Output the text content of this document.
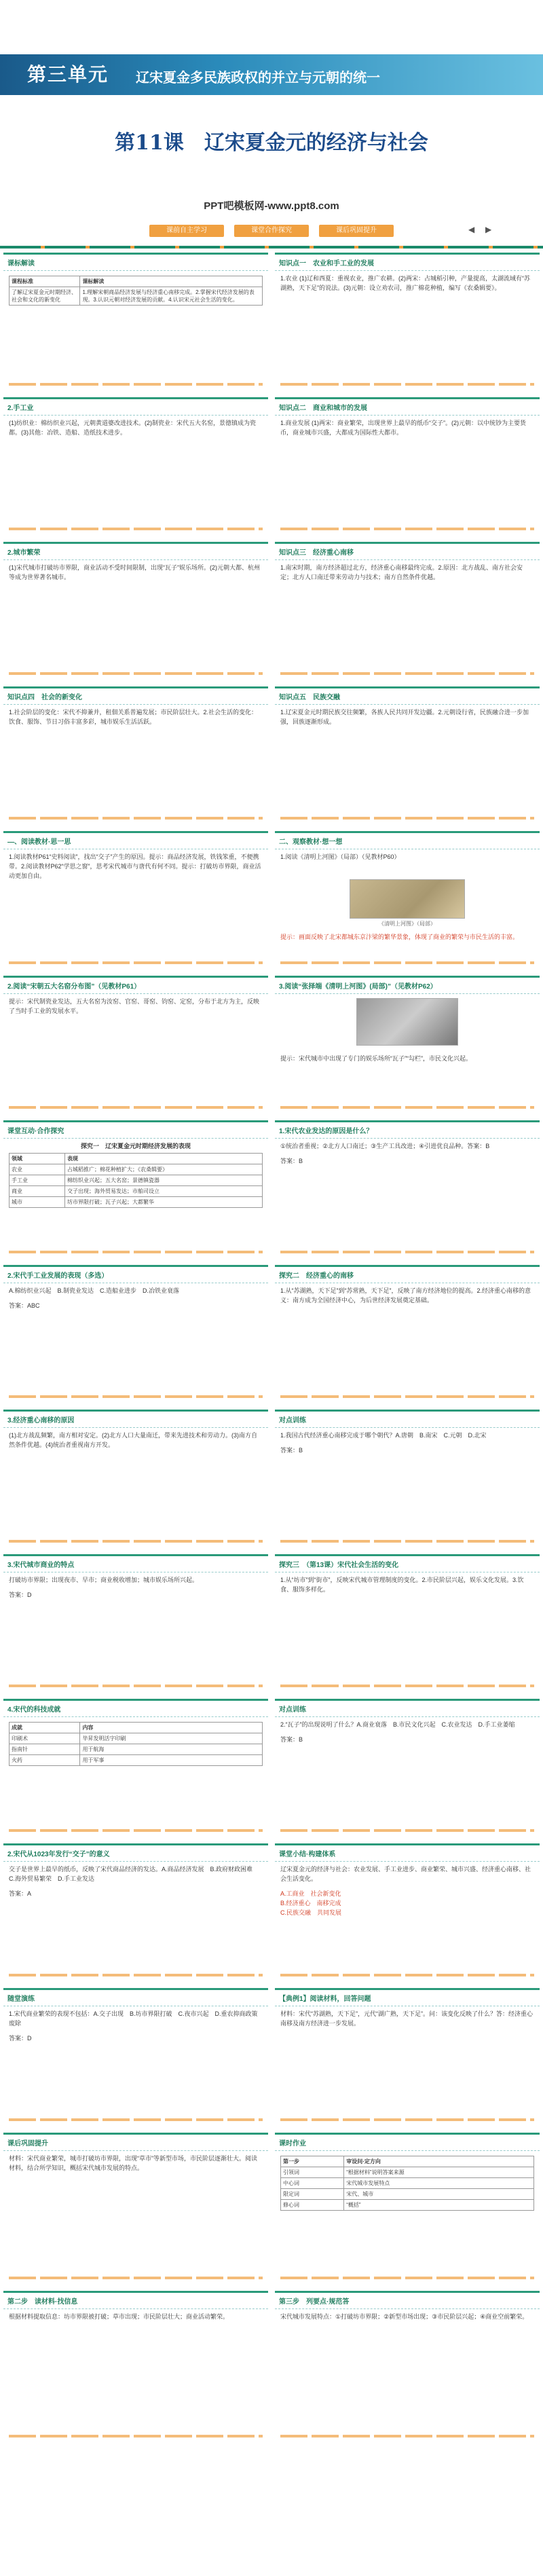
第三单元	辽宋夏金多民族政权的并立与元朝的统一
第11课　辽宋夏金元的经济与社会
PPT吧模板网-www.ppt8.com
课前自主学习	课堂合作探究	课后巩固提升	◀ ▶
课标解读
课程标准	课标解读
了解辽宋夏金元时期经济、社会和文化的新变化	1.理解宋朝商品经济发展与经济重心南移完成。2.掌握宋代经济发展的表现。3.认识元朝对经济发展的贡献。4.认识宋元社会生活的变化。
知识点一　农业和手工业的发展
1.农业 (1)辽和西夏：重视农业，推广农耕。(2)两宋：占城稻引种，产量提高，太湖流域有“苏湖熟，天下足”的说法。(3)元朝：设立劝农司，推广棉花种植，编写《农桑辑要》。
2.手工业
(1)纺织业：棉纺织业兴起，元朝黄道婆改进技术。(2)制瓷业：宋代五大名窑，景德镇成为瓷都。(3)其他：冶铁、造船、造纸技术进步。
知识点二　商业和城市的发展
1.商业发展 (1)两宋：商业繁荣，出现世界上最早的纸币“交子”。(2)元朝：以中统钞为主要货币，商业城市兴盛，大都成为国际性大都市。
2.城市繁荣
(1)宋代城市打破坊市界限，商业活动不受时间限制，出现“瓦子”娱乐场所。(2)元朝大都、杭州等成为世界著名城市。
知识点三　经济重心南移
1.南宋时期，南方经济超过北方，经济重心南移最终完成。2.原因：北方战乱、南方社会安定；北方人口南迁带来劳动力与技术；南方自然条件优越。
知识点四　社会的新变化
1.社会阶层的变化：宋代不抑兼并，租佃关系普遍发展；市民阶层壮大。2.社会生活的变化：饮食、服饰、节日习俗丰富多彩，城市娱乐生活活跃。
知识点五　民族交融
1.辽宋夏金元时期民族交往频繁，各族人民共同开发边疆。2.元朝设行省，民族融合进一步加强，回族逐渐形成。
—、阅读教材·思一思
1.阅读教材P61“史料阅读”，找出“交子”产生的原因。提示：商品经济发展，铁钱笨重，不便携带。2.阅读教材P62“学思之窗”，思考宋代城市与唐代有何不同。提示：打破坊市界限，商业活动更加自由。
二、观察教材·想一想
1.阅读《清明上河图》（局部）（见教材P60）
《清明上河图》（局部）
提示：画面反映了北宋都城东京汴梁的繁华景象，体现了商业的繁荣与市民生活的丰富。
2.阅读“宋朝五大名窑分布图”（见教材P61）
提示：宋代制瓷业发达，五大名窑为汝窑、官窑、哥窑、钧窑、定窑，分布于北方为主，反映了当时手工业的发展水平。
3.阅读“张择端《清明上河图》(局部)”（见教材P62）
提示：宋代城市中出现了专门的娱乐场所“瓦子”“勾栏”，市民文化兴起。
课堂互动·合作探究
探究一　辽宋夏金元时期经济发展的表现
领域	表现
农业	占城稻推广；棉花种植扩大；《农桑辑要》
手工业	棉纺织业兴起；五大名窑；景德镇瓷器
商业	交子出现；海外贸易发达；市舶司设立
城市	坊市界限打破；瓦子兴起；大都繁华
1.宋代农业发达的原因是什么？
①统治者重视；②北方人口南迁；③生产工具改进；④引进优良品种。答案：B
答案：B
2.宋代手工业发展的表现（多选）
A.棉纺织业兴起　B.制瓷业发达　C.造船业进步　D.冶铁业衰落
答案：ABC
探究二　经济重心的南移
1.从“苏湖熟，天下足”到“苏常熟，天下足”，反映了南方经济地位的提高。2.经济重心南移的意义：南方成为全国经济中心，为后世经济发展奠定基础。
3.经济重心南移的原因
(1)北方战乱频繁，南方相对安定。(2)北方人口大量南迁，带来先进技术和劳动力。(3)南方自然条件优越。(4)统治者重视南方开发。
对点训练
1.我国古代经济重心南移完成于哪个朝代？A.唐朝　B.南宋　C.元朝　D.北宋
答案：B
3.宋代城市商业的特点
打破坊市界限；出现夜市、早市；商业税收增加；城市娱乐场所兴起。
答案：D
探究三　（第13课）宋代社会生活的变化
1.从“坊市”到“街市”，反映宋代城市管理制度的变化。2.市民阶层兴起，娱乐文化发展。3.饮食、服饰多样化。
4.宋代的科技成就
成就	内容
印刷术	毕昇发明活字印刷
指南针	用于航海
火药	用于军事
对点训练
2.“瓦子”的出现说明了什么？A.商业衰落　B.市民文化兴起　C.农业发达　D.手工业萎缩
答案：B
2.宋代从1023年发行“交子”的意义
交子是世界上最早的纸币，反映了宋代商品经济的发达。A.商品经济发展　B.政府财政困难　C.海外贸易繁荣　D.手工业发达
答案：A
课堂小结·构建体系
辽宋夏金元的经济与社会：农业发展、手工业进步、商业繁荣、城市兴盛、经济重心南移、社会生活变化。
A.工商业　社会新变化
B.经济重心　南移完成
C.民族交融　共同发展
随堂演练
1.宋代商业繁荣的表现不包括：A.交子出现　B.坊市界限打破　C.夜市兴起　D.重农抑商政策废除
答案：D
【典例1】阅读材料，回答问题
材料：宋代“苏湖熟，天下足”，元代“湖广熟，天下足”。问：该变化反映了什么？答：经济重心南移及南方经济进一步发展。
课后巩固提升
材料：宋代商业繁荣，城市打破坊市界限，出现“草市”等新型市场，市民阶层逐渐壮大。阅读材料，结合所学知识，概括宋代城市发展的特点。
课时作业
第一步	审设问·定方向
引领词	“根据材料”说明答案来源
中心词	宋代城市发展特点
限定词	宋代、城市
修心词	“概括”
第二步　读材料·找信息
根据材料提取信息：坊市界限被打破；草市出现；市民阶层壮大；商业活动繁荣。
第三步　列要点·规范答
宋代城市发展特点：①打破坊市界限；②新型市场出现；③市民阶层兴起；④商业空前繁荣。
